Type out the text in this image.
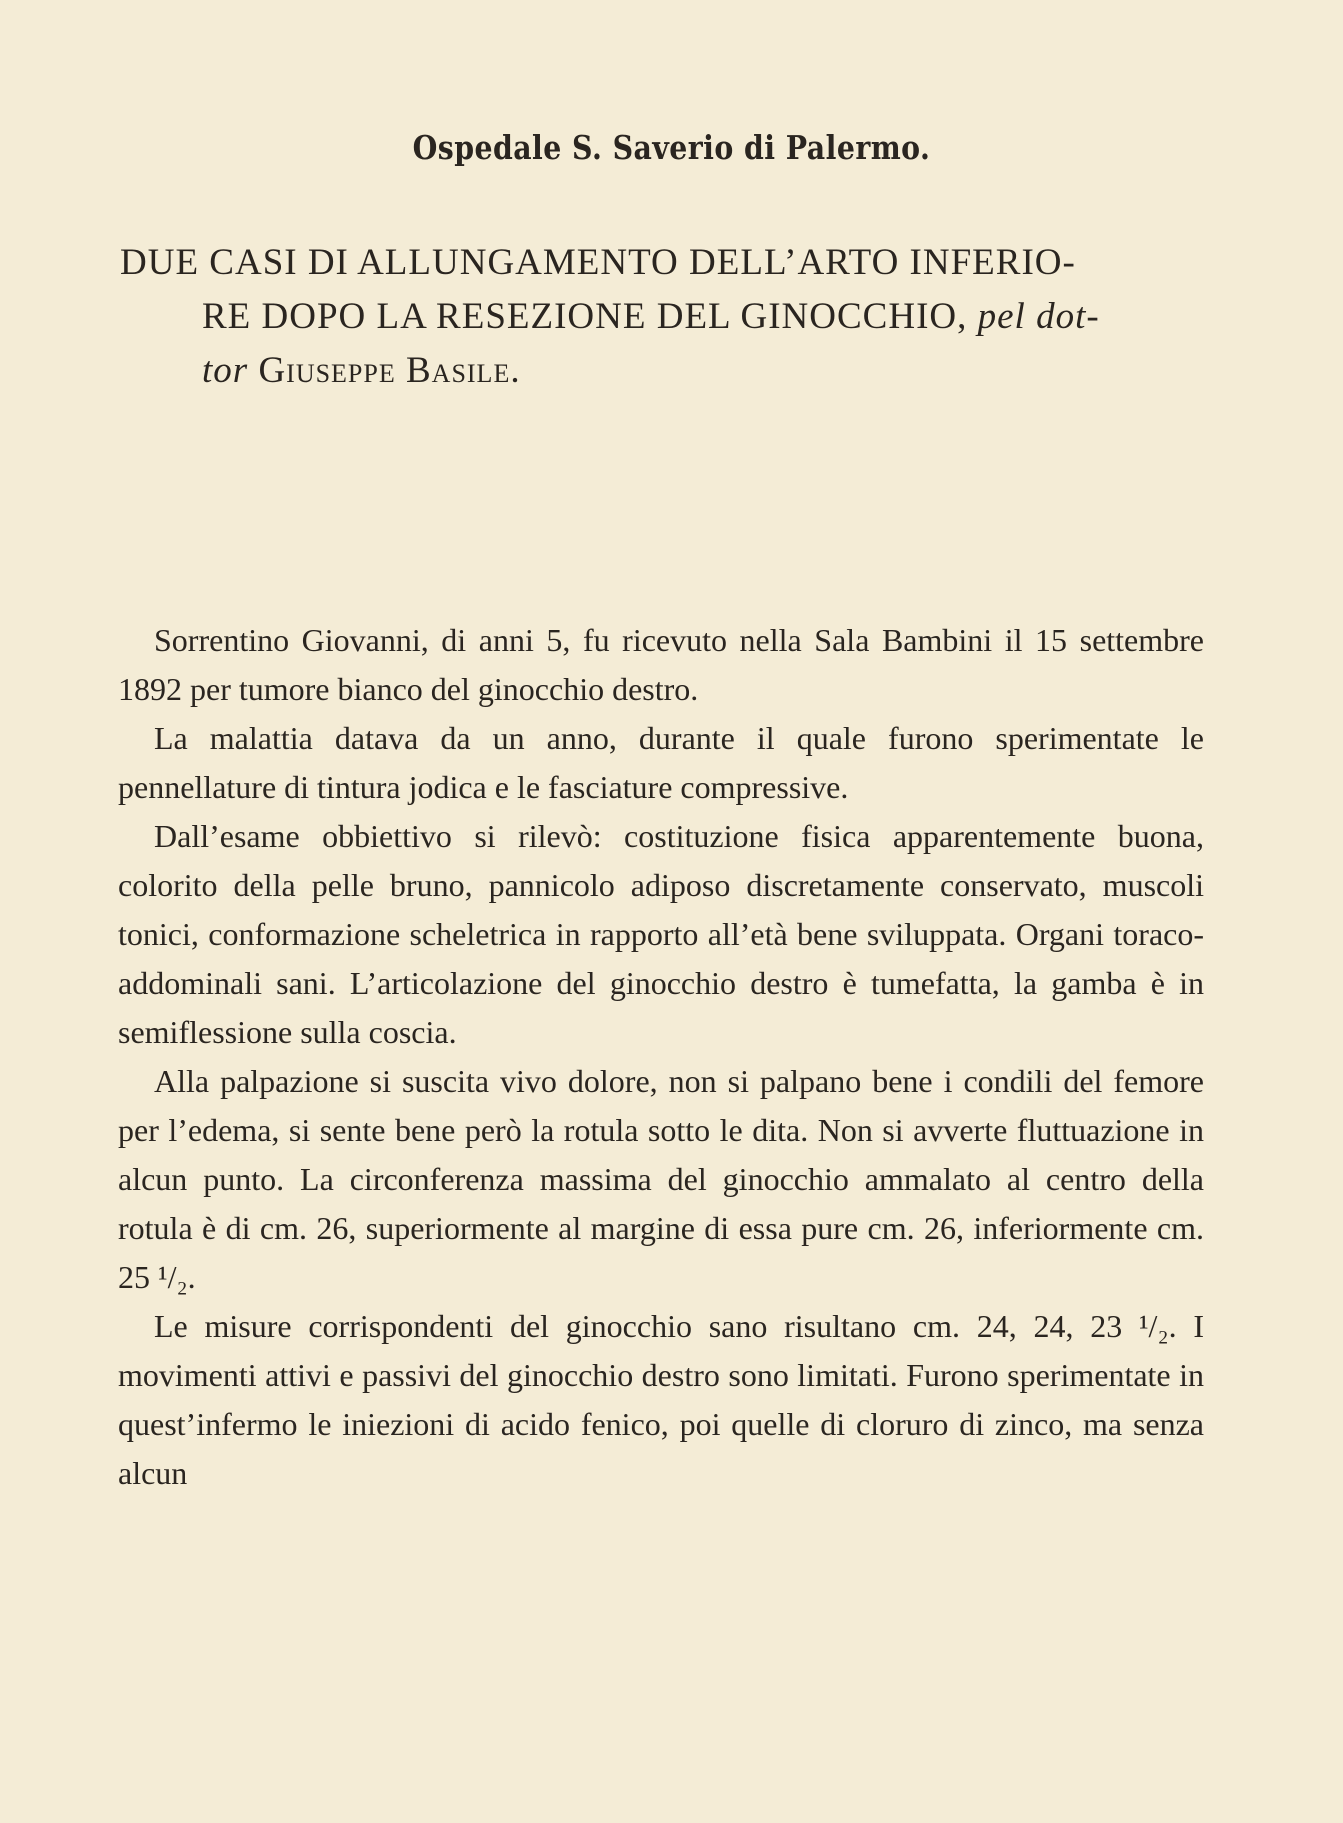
Ospedale S. Saverio di Palermo.
DUE CASI DI ALLUNGAMENTO DELL’ARTO INFERIO-
RE DOPO LA RESEZIONE DEL GINOCCHIO, pel dot-
tor Giuseppe Basile.

Sorrentino Giovanni, di anni 5, fu ricevuto nella Sala Bambini il 15 settembre 1892 per tumore bianco del ginocchio destro.

La malattia datava da un anno, durante il quale furono sperimentate le pennellature di tintura jodica e le fasciature compressive.

Dall’esame obbiettivo si rilevò: costituzione fisica apparentemente buona, colorito della pelle bruno, pannicolo adiposo discretamente conservato, muscoli tonici, conformazione scheletrica in rapporto all’età bene sviluppata. Organi toraco-addominali sani. L’articolazione del ginocchio destro è tumefatta, la gamba è in semiflessione sulla coscia.

Alla palpazione si suscita vivo dolore, non si palpano bene i condili del femore per l’edema, si sente bene però la rotula sotto le dita. Non si avverte fluttuazione in alcun punto. La circonferenza massima del ginocchio ammalato al centro della rotula è di cm. 26, superiormente al margine di essa pure cm. 26, inferiormente cm. 25 ¹/₂.

Le misure corrispondenti del ginocchio sano risultano cm. 24, 24, 23 ¹/₂. I movimenti attivi e passivi del ginocchio destro sono limitati. Furono sperimentate in quest’infermo le iniezioni di acido fenico, poi quelle di cloruro di zinco, ma senza alcun
